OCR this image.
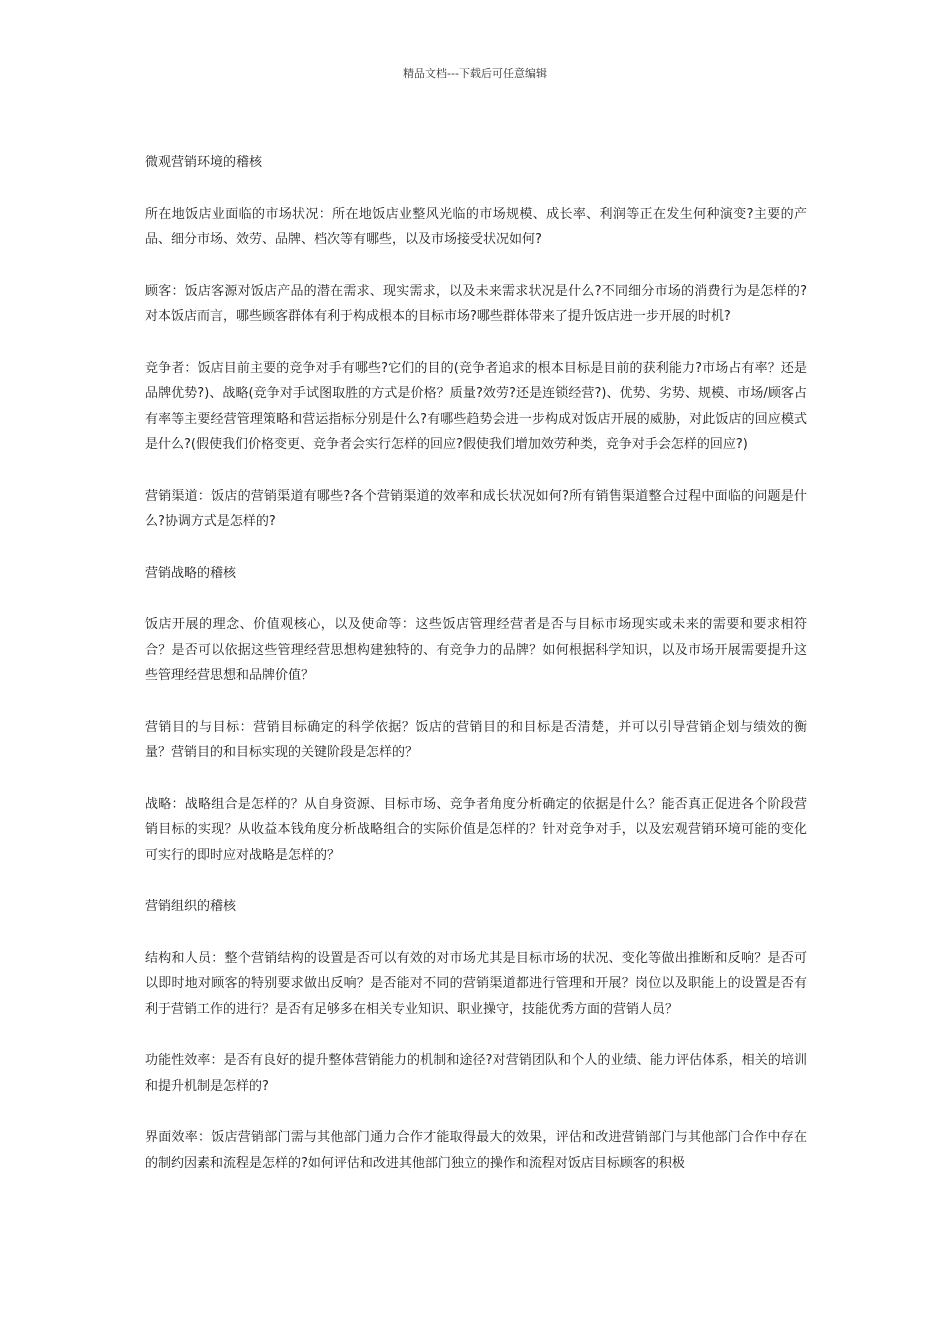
精品文档---下载后可任意编辑

微观营销环境的稽核

所在地饭店业面临的市场状况：所在地饭店业整风光临的市场规模、成长率、利润等正在发生何种演变?主要的产品、细分市场、效劳、品牌、档次等有哪些，以及市场接受状况如何?

顾客：饭店客源对饭店产品的潜在需求、现实需求，以及未来需求状况是什么?不同细分市场的消费行为是怎样的?对本饭店而言，哪些顾客群体有利于构成根本的目标市场?哪些群体带来了提升饭店进一步开展的时机?

竞争者：饭店目前主要的竞争对手有哪些?它们的目的(竞争者追求的根本目标是目前的获利能力?市场占有率？还是品牌优势?)、战略(竞争对手试图取胜的方式是价格？质量?效劳?还是连锁经营?)、优势、劣势、规模、市场/顾客占有率等主要经营管理策略和营运指标分别是什么?有哪些趋势会进一步构成对饭店开展的威胁，对此饭店的回应模式是什么?(假使我们价格变更、竞争者会实行怎样的回应?假使我们增加效劳种类，竞争对手会怎样的回应?)

营销渠道：饭店的营销渠道有哪些?各个营销渠道的效率和成长状况如何?所有销售渠道整合过程中面临的问题是什么?协调方式是怎样的?

营销战略的稽核

饭店开展的理念、价值观核心，以及使命等：这些饭店管理经营者是否与目标市场现实或未来的需要和要求相符合？是否可以依据这些管理经营思想构建独特的、有竞争力的品牌？如何根据科学知识，以及市场开展需要提升这些管理经营思想和品牌价值？

营销目的与目标：营销目标确定的科学依据？饭店的营销目的和目标是否清楚，并可以引导营销企划与绩效的衡量？营销目的和目标实现的关键阶段是怎样的？

战略：战略组合是怎样的？从自身资源、目标市场、竞争者角度分析确定的依据是什么？能否真正促进各个阶段营销目标的实现？从收益本钱角度分析战略组合的实际价值是怎样的？针对竞争对手，以及宏观营销环境可能的变化可实行的即时应对战略是怎样的？

营销组织的稽核

结构和人员：整个营销结构的设置是否可以有效的对市场尤其是目标市场的状况、变化等做出推断和反响？是否可以即时地对顾客的特别要求做出反响？是否能对不同的营销渠道都进行管理和开展？岗位以及职能上的设置是否有利于营销工作的进行？是否有足够多在相关专业知识、职业操守，技能优秀方面的营销人员？

功能性效率：是否有良好的提升整体营销能力的机制和途径?对营销团队和个人的业绩、能力评估体系，相关的培训和提升机制是怎样的?

界面效率：饭店营销部门需与其他部门通力合作才能取得最大的效果，评估和改进营销部门与其他部门合作中存在的制约因素和流程是怎样的?如何评估和改进其他部门独立的操作和流程对饭店目标顾客的积极
